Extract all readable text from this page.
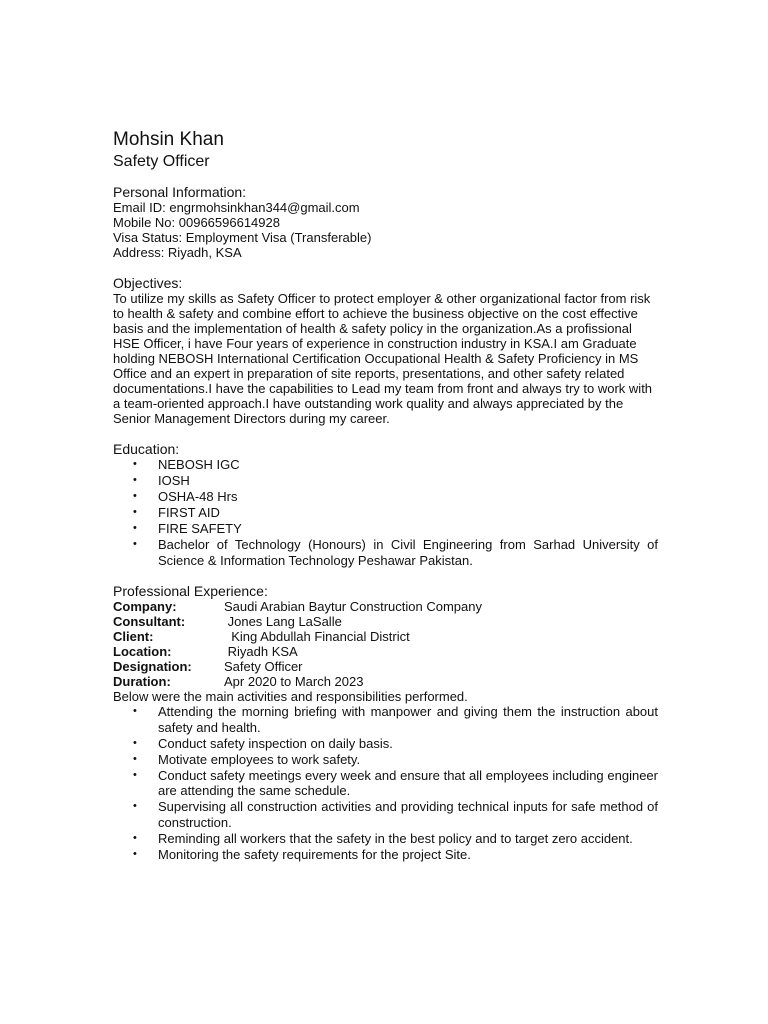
Mohsin Khan
Safety Officer
Personal Information:

Email ID: engrmohsinkhan344@gmail.com

Mobile No: 00966596614928

Visa Status: Employment Visa (Transferable)

Address: Riyadh, KSA

Objectives:

To utilize my skills as Safety Officer to protect employer & other organizational factor from risk to health & safety and combine effort to achieve the business objective on the cost effective basis and the implementation of health & safety policy in the organization.As a profissional HSE Officer, i have Four years of experience in construction industry in KSA.I am Graduate holding NEBOSH International Certification Occupational Health & Safety Proficiency in MS Office and an expert in preparation of site reports, presentations, and other safety related documentations.I have the capabilities to Lead my team from front and always try to work with a team-oriented approach.I have outstanding work quality and always appreciated by the Senior Management Directors during my career.

Education:
• NEBOSH IGC
• IOSH
• OSHA-48 Hrs
• FIRST AID
• FIRE SAFETY
• Bachelor of Technology (Honours) in Civil Engineering from Sarhad University of Science & Information Technology Peshawar Pakistan.
Professional Experience:
Company:	Saudi Arabian Baytur Construction Company
Consultant:	Jones Lang LaSalle
Client:	King Abdullah Financial District
Location:	Riyadh KSA
Designation:	Safety Officer
Duration:	Apr 2020 to March 2023

Below were the main activities and responsibilities performed.

• Attending the morning briefing with manpower and giving them the instruction about safety and health.
• Conduct safety inspection on daily basis.
• Motivate employees to work safety.
• Conduct safety meetings every week and ensure that all employees including engineer are attending the same schedule.
• Supervising all construction activities and providing technical inputs for safe method of construction.
• Reminding all workers that the safety in the best policy and to target zero accident.
• Monitoring the safety requirements for the project Site.
